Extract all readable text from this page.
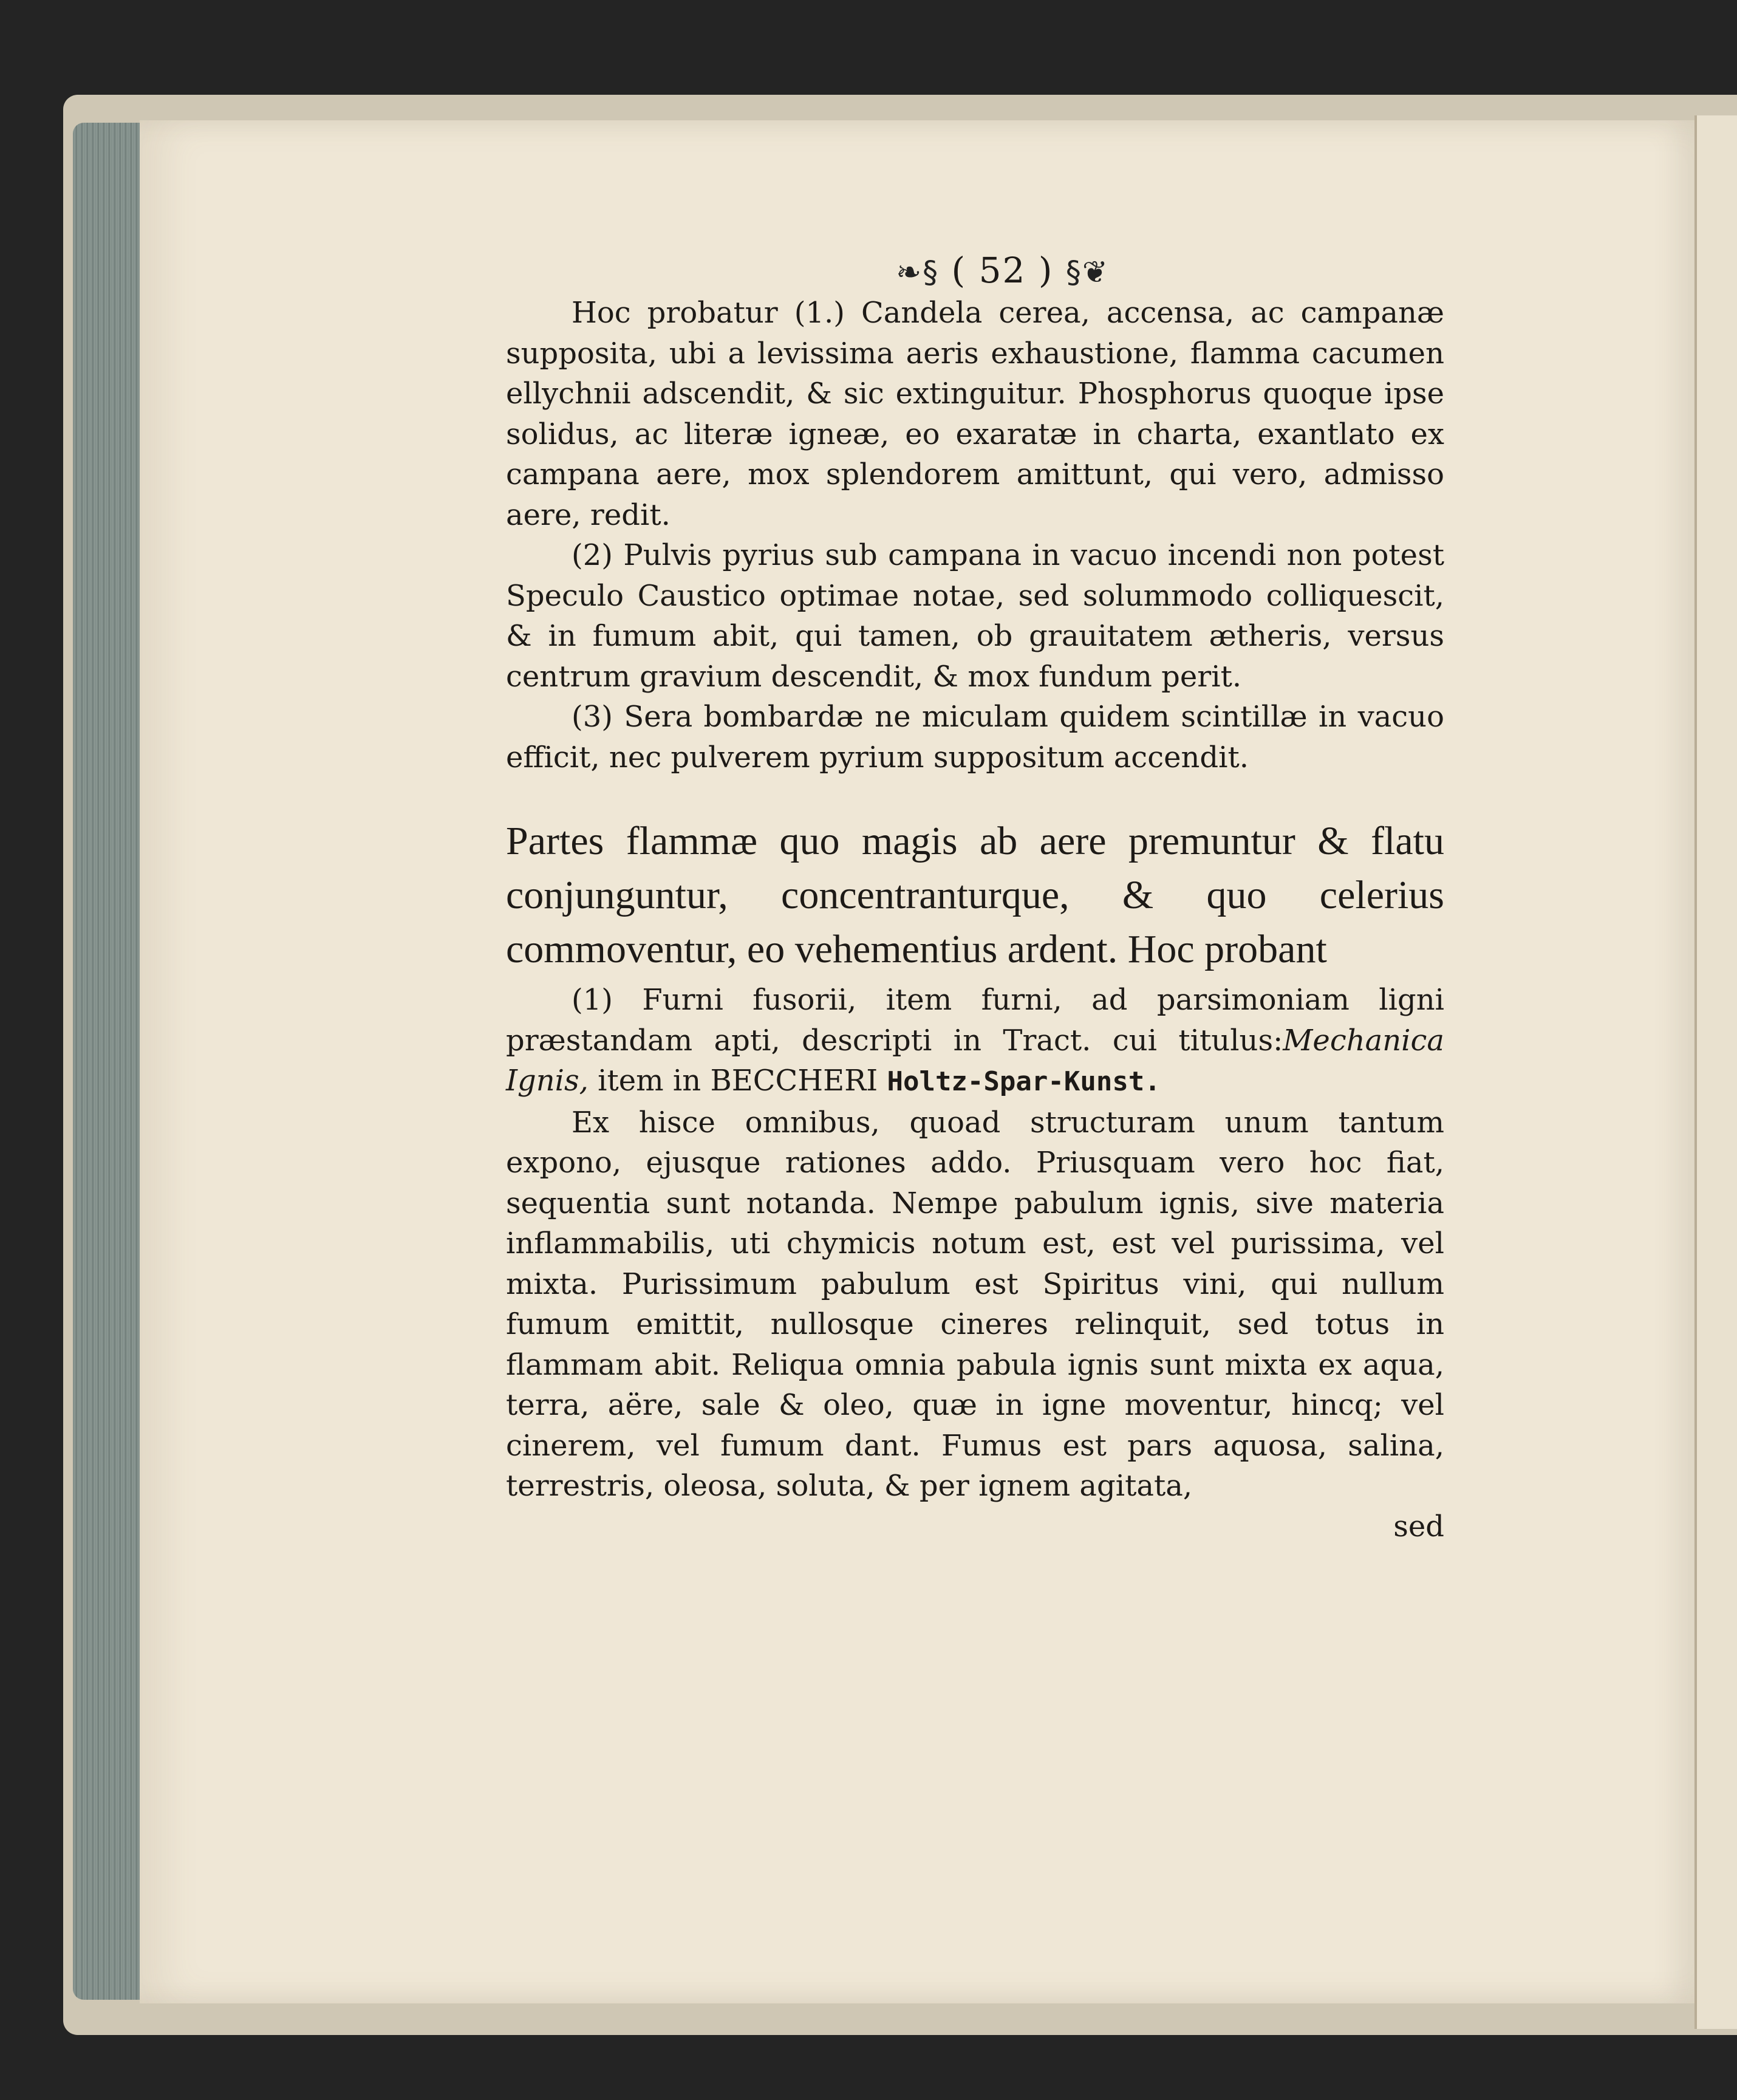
❧§ ( 52 ) §❦

Hoc probatur (1.) Candela cerea, accensa, ac campanæ supposita, ubi a levissima aeris exhaustione, flamma cacumen ellychnii adscendit, & sic extinguitur. Phosphorus quoque ipse solidus, ac literæ igneæ, eo exaratæ in charta, exantlato ex campana aere, mox splendorem amittunt, qui vero, admisso aere, redit.

(2) Pulvis pyrius sub campana in vacuo incendi non potest Speculo Caustico optimae notae, sed solummodo colliquescit, & in fumum abit, qui tamen, ob grauitatem ætheris, versus centrum gravium descendit, & mox fundum perit.

(3) Sera bombardæ ne miculam quidem scintillæ in vacuo efficit, nec pulverem pyrium suppositum accendit.

Partes flammæ quo magis ab aere premuntur & flatu conjunguntur, concentranturque, & quo celerius commoventur, eo vehementius ardent. Hoc probant

(1) Furni fusorii, item furni, ad parsimoniam ligni præstandam apti, descripti in Tract. cui titulus:Mechanica Ignis, item in BECCHERI Holtz-Spar-Kunst.

Ex hisce omnibus, quoad structuram unum tantum expono, ejusque rationes addo. Priusquam vero hoc fiat, sequentia sunt notanda. Nempe pabulum ignis, sive materia inflammabilis, uti chymicis notum est, est vel purissima, vel mixta. Purissimum pabulum est Spiritus vini, qui nullum fumum emittit, nullosque cineres relinquit, sed totus in flammam abit. Reliqua omnia pabula ignis sunt mixta ex aqua, terra, aëre, sale & oleo, quæ in igne moventur, hincq; vel cinerem, vel fumum dant. Fumus est pars aquosa, salina, terrestris, oleosa, soluta, & per ignem agitata,

sed
